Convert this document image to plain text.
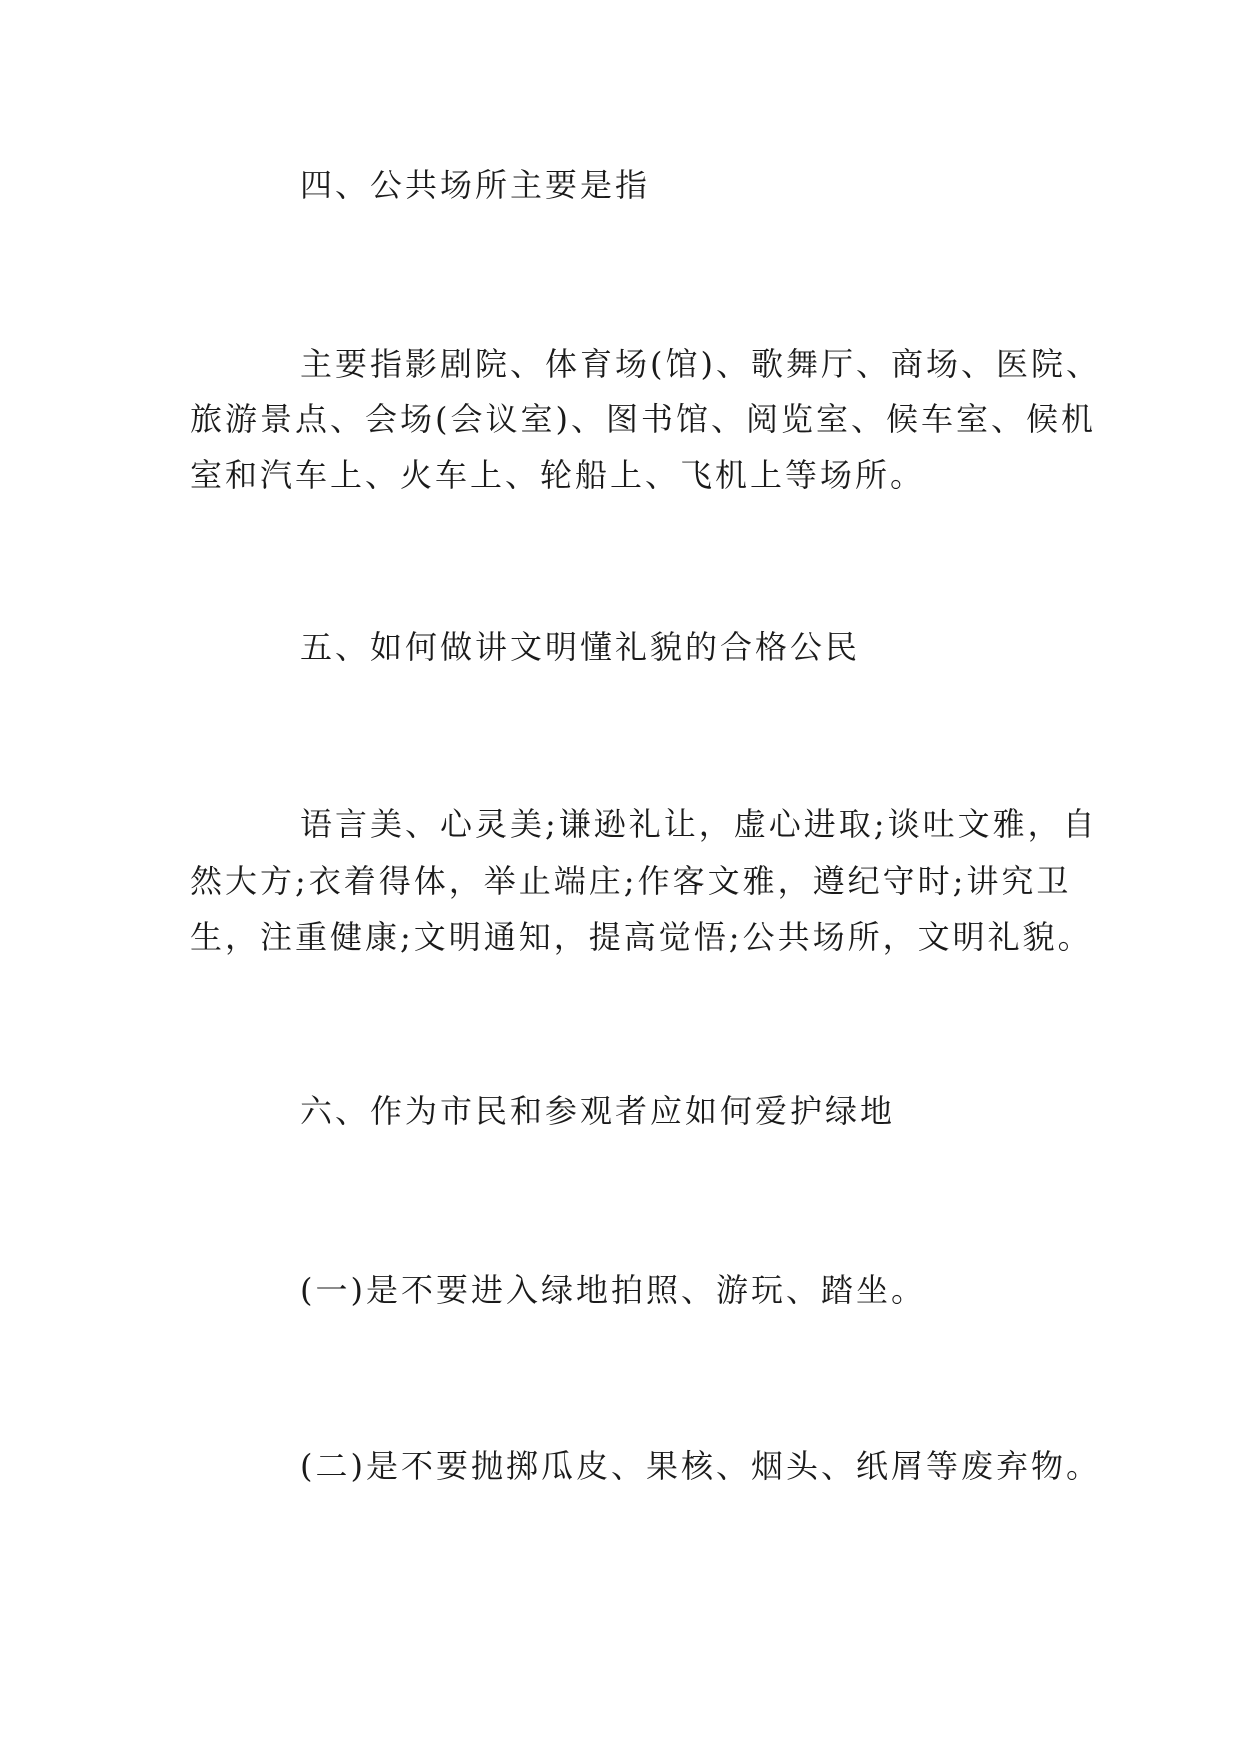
四、公共场所主要是指
主要指影剧院、体育场(馆)、歌舞厅、商场、医院、
旅游景点、会场(会议室)、图书馆、阅览室、候车室、候机
室和汽车上、火车上、轮船上、飞机上等场所。
五、如何做讲文明懂礼貌的合格公民
语言美、心灵美;谦逊礼让，虚心进取;谈吐文雅，自
然大方;衣着得体，举止端庄;作客文雅，遵纪守时;讲究卫
生，注重健康;文明通知，提高觉悟;公共场所，文明礼貌。
六、作为市民和参观者应如何爱护绿地
(一)是不要进入绿地拍照、游玩、踏坐。
(二)是不要抛掷瓜皮、果核、烟头、纸屑等废弃物。
